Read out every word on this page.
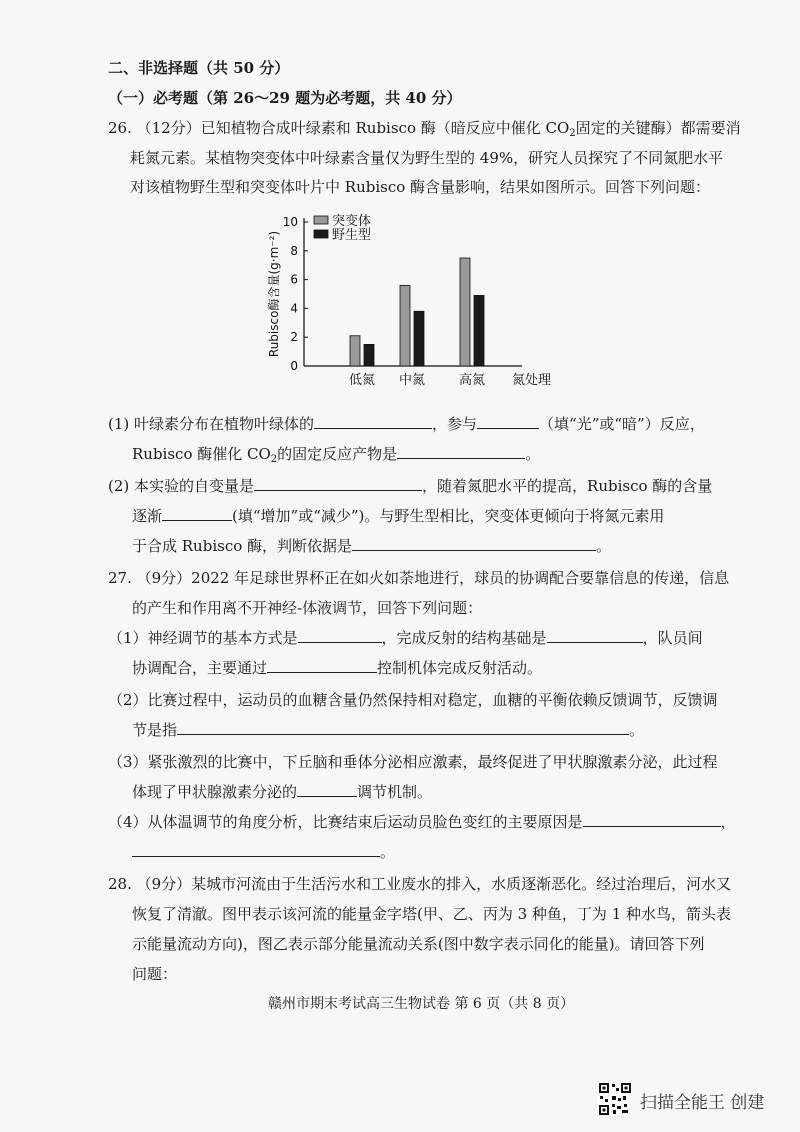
二、非选择题（共 50 分）
（一）必考题（第 26～29 题为必考题，共 40 分）
26. （12分）已知植物合成叶绿素和 Rubisco 酶（暗反应中催化 $CO_2$固定的关键酶）都需要消
耗氮元素。某植物突变体中叶绿素含量仅为野生型的 49%，研究人员探究了不同氮肥水平
对该植物野生型和突变体叶片中 Rubisco 酶含量影响，结果如图所示。回答下列问题：
0
2
4
6
8
10
Rubisco酶含量(g·m⁻²)
低氮 中氮	高氮 氮处理
突变体
野生型
(1) 叶绿素分布在植物叶绿体的	，参与	（填“光”或“暗”）反应，
Rubisco 酶催化 $CO_2$的固定反应产物是	。
(2) 本实验的自变量是	，随着氮肥水平的提高，Rubisco 酶的含量
逐渐	(填“增加”或“减少”)。与野生型相比，突变体更倾向于将氮元素用
于合成 Rubisco 酶，判断依据是	。
27. （9分）2022 年足球世界杯正在如火如荼地进行，球员的协调配合要靠信息的传递，信息
的产生和作用离不开神经-体液调节，回答下列问题：
（1）神经调节的基本方式是	，完成反射的结构基础是	，队员间
协调配合，主要通过	控制机体完成反射活动。
（2）比赛过程中，运动员的血糖含量仍然保持相对稳定，血糖的平衡依赖反馈调节，反馈调
节是指	。
（3）紧张激烈的比赛中，下丘脑和垂体分泌相应激素，最终促进了甲状腺激素分泌，此过程
体现了甲状腺激素分泌的	调节机制。
（4）从体温调节的角度分析，比赛结束后运动员脸色变红的主要原因是	，
。
28. （9分）某城市河流由于生活污水和工业废水的排入，水质逐渐恶化。经过治理后，河水又
恢复了清澈。图甲表示该河流的能量金字塔(甲、乙、丙为 3 种鱼，丁为 1 种水鸟，箭头表
示能量流动方向)，图乙表示部分能量流动关系(图中数字表示同化的能量)。请回答下列
问题：
赣州市期末考试高三生物试卷 第 6 页（共 8 页）
扫描全能王 创建
